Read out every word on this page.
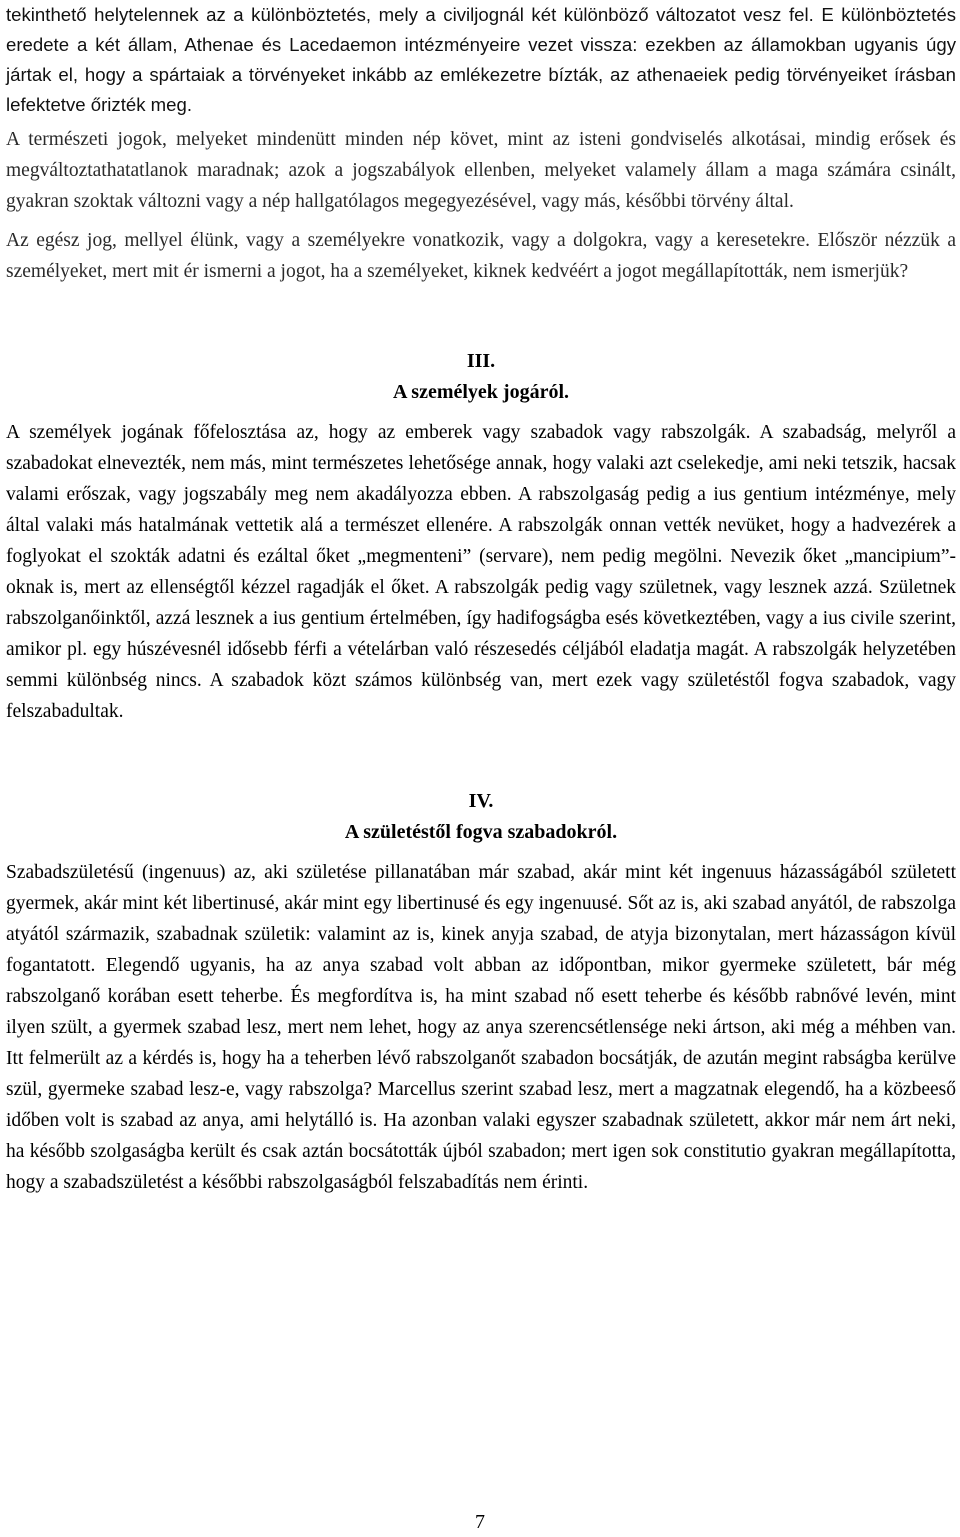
tekinthető helytelennek az a különböztetés, mely a civiljognál két különböző változatot vesz fel. E különböztetés eredete a két állam, Athenae és Lacedaemon intézményeire vezet vissza: ezekben az államokban ugyanis úgy jártak el, hogy a spártaiak a törvényeket inkább az emlékezetre bízták, az athenaeiek pedig törvényeiket írásban lefektetve őrizték meg.

A természeti jogok, melyeket mindenütt minden nép követ, mint az isteni gondviselés alkotásai, mindig erősek és megváltoztathatatlanok maradnak; azok a jogszabályok ellenben, melyeket valamely állam a maga számára csinált, gyakran szoktak változni vagy a nép hallgatólagos megegyezésével, vagy más, későbbi törvény által.

Az egész jog, mellyel élünk, vagy a személyekre vonatkozik, vagy a dolgokra, vagy a keresetekre. Először nézzük a személyeket, mert mit ér ismerni a jogot, ha a személyeket, kiknek kedvéért a jogot megállapították, nem ismerjük?

III.

A személyek jogáról.

A személyek jogának főfelosztása az, hogy az emberek vagy szabadok vagy rabszolgák. A szabadság, melyről a szabadokat elnevezték, nem más, mint természetes lehetősége annak, hogy valaki azt cselekedje, ami neki tetszik, hacsak valami erőszak, vagy jogszabály meg nem akadályozza ebben. A rabszolgaság pedig a ius gentium intézménye, mely által valaki más hatalmának vettetik alá a természet ellenére. A rabszolgák onnan vették nevüket, hogy a hadvezérek a foglyokat el szokták adatni és ezáltal őket „megmenteni” (servare), nem pedig megölni. Nevezik őket „mancipium”-oknak is, mert az ellenségtől kézzel ragadják el őket. A rabszolgák pedig vagy születnek, vagy lesznek azzá. Születnek rabszolganőinktől, azzá lesznek a ius gentium értelmében, így hadifogságba esés következtében, vagy a ius civile szerint, amikor pl. egy húszévesnél idősebb férfi a vételárban való részesedés céljából eladatja magát. A rabszolgák helyzetében semmi különbség nincs. A szabadok közt számos különbség van, mert ezek vagy születéstől fogva szabadok, vagy felszabadultak.

IV.

A születéstől fogva szabadokról.

Szabadszületésű (ingenuus) az, aki születése pillanatában már szabad, akár mint két ingenuus házasságából született gyermek, akár mint két libertinusé, akár mint egy libertinusé és egy ingenuusé. Sőt az is, aki szabad anyától, de rabszolga atyától származik, szabadnak születik: valamint az is, kinek anyja szabad, de atyja bizonytalan, mert házasságon kívül fogantatott. Elegendő ugyanis, ha az anya szabad volt abban az időpontban, mikor gyermeke született, bár még rabszolganő korában esett teherbe. És megfordítva is, ha mint szabad nő esett teherbe és később rabnővé levén, mint ilyen szült, a gyermek szabad lesz, mert nem lehet, hogy az anya szerencsétlensége neki ártson, aki még a méhben van. Itt felmerült az a kérdés is, hogy ha a teherben lévő rabszolganőt szabadon bocsátják, de azután megint rabságba kerülve szül, gyermeke szabad lesz-e, vagy rabszolga? Marcellus szerint szabad lesz, mert a magzatnak elegendő, ha a közbeeső időben volt is szabad az anya, ami helytálló is. Ha azonban valaki egyszer szabadnak született, akkor már nem árt neki, ha később szolgaságba került és csak aztán bocsátották újból szabadon; mert igen sok constitutio gyakran megállapította, hogy a szabadszületést a későbbi rabszolgaságból felszabadítás nem érinti.

7
